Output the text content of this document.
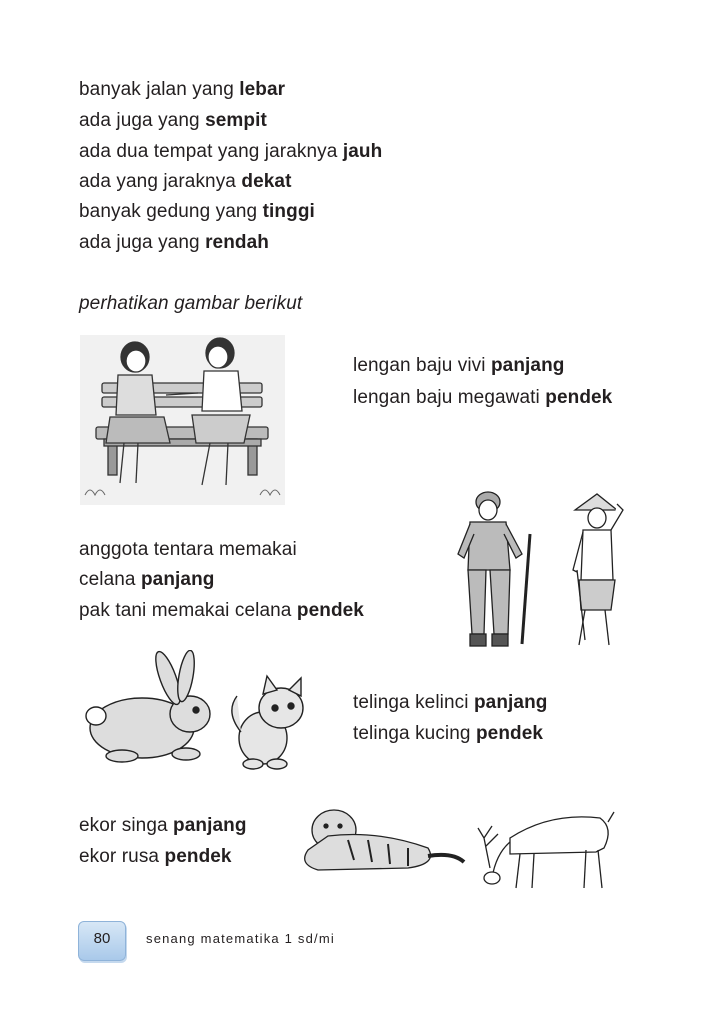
banyak jalan yang lebar
ada juga yang sempit
ada dua tempat yang jaraknya jauh
ada yang jaraknya dekat
banyak gedung yang tinggi
ada juga yang rendah
perhatikan gambar berikut
lengan baju vivi panjang
lengan baju megawati pendek
anggota tentara memakai
celana panjang
pak tani memakai celana pendek
telinga kelinci panjang
telinga kucing pendek
ekor singa panjang
ekor rusa pendek
80	senang matematika 1 sd/mi
